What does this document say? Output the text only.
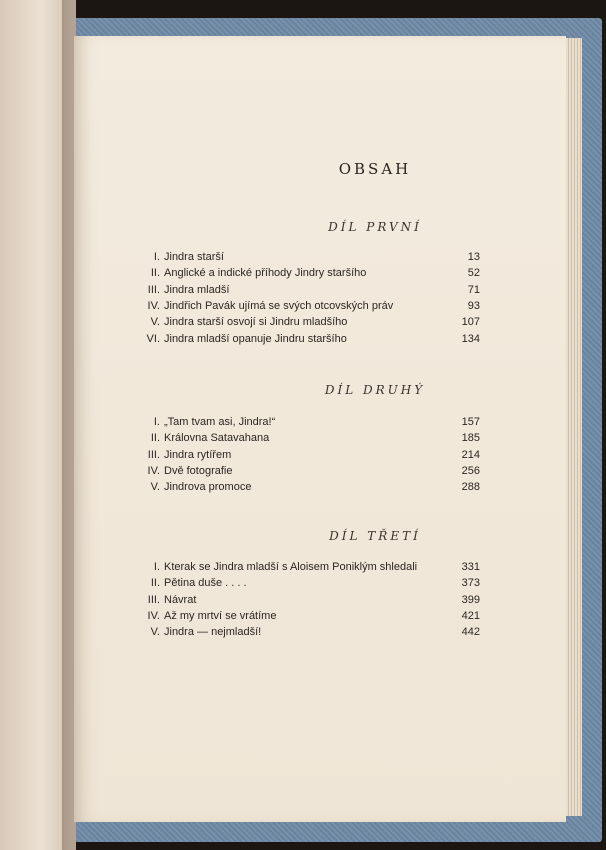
OBSAH
DÍL PRVNÍ
I. Jindra starší	13
II. Anglické a indické příhody Jindry staršího	52
III. Jindra mladší	71
IV. Jindřich Pavák ujímá se svých otcovských práv	93
V. Jindra starší osvojí si Jindru mladšího	107
VI. Jindra mladší opanuje Jindru staršího	134
DÍL DRUHÝ
I. „Tam tvam asi, Jindra!“	157
II. Královna Satavahana	185
III. Jindra rytířem	214
IV. Dvě fotografie	256
V. Jindrova promoce	288
DÍL TŘETÍ
I. Kterak se Jindra mladší s Aloisem Poniklým shledali	331
II. Pětina duše . . . .	373
III. Návrat	399
IV. Až my mrtví se vrátíme	421
V. Jindra — nejmladší!	442
